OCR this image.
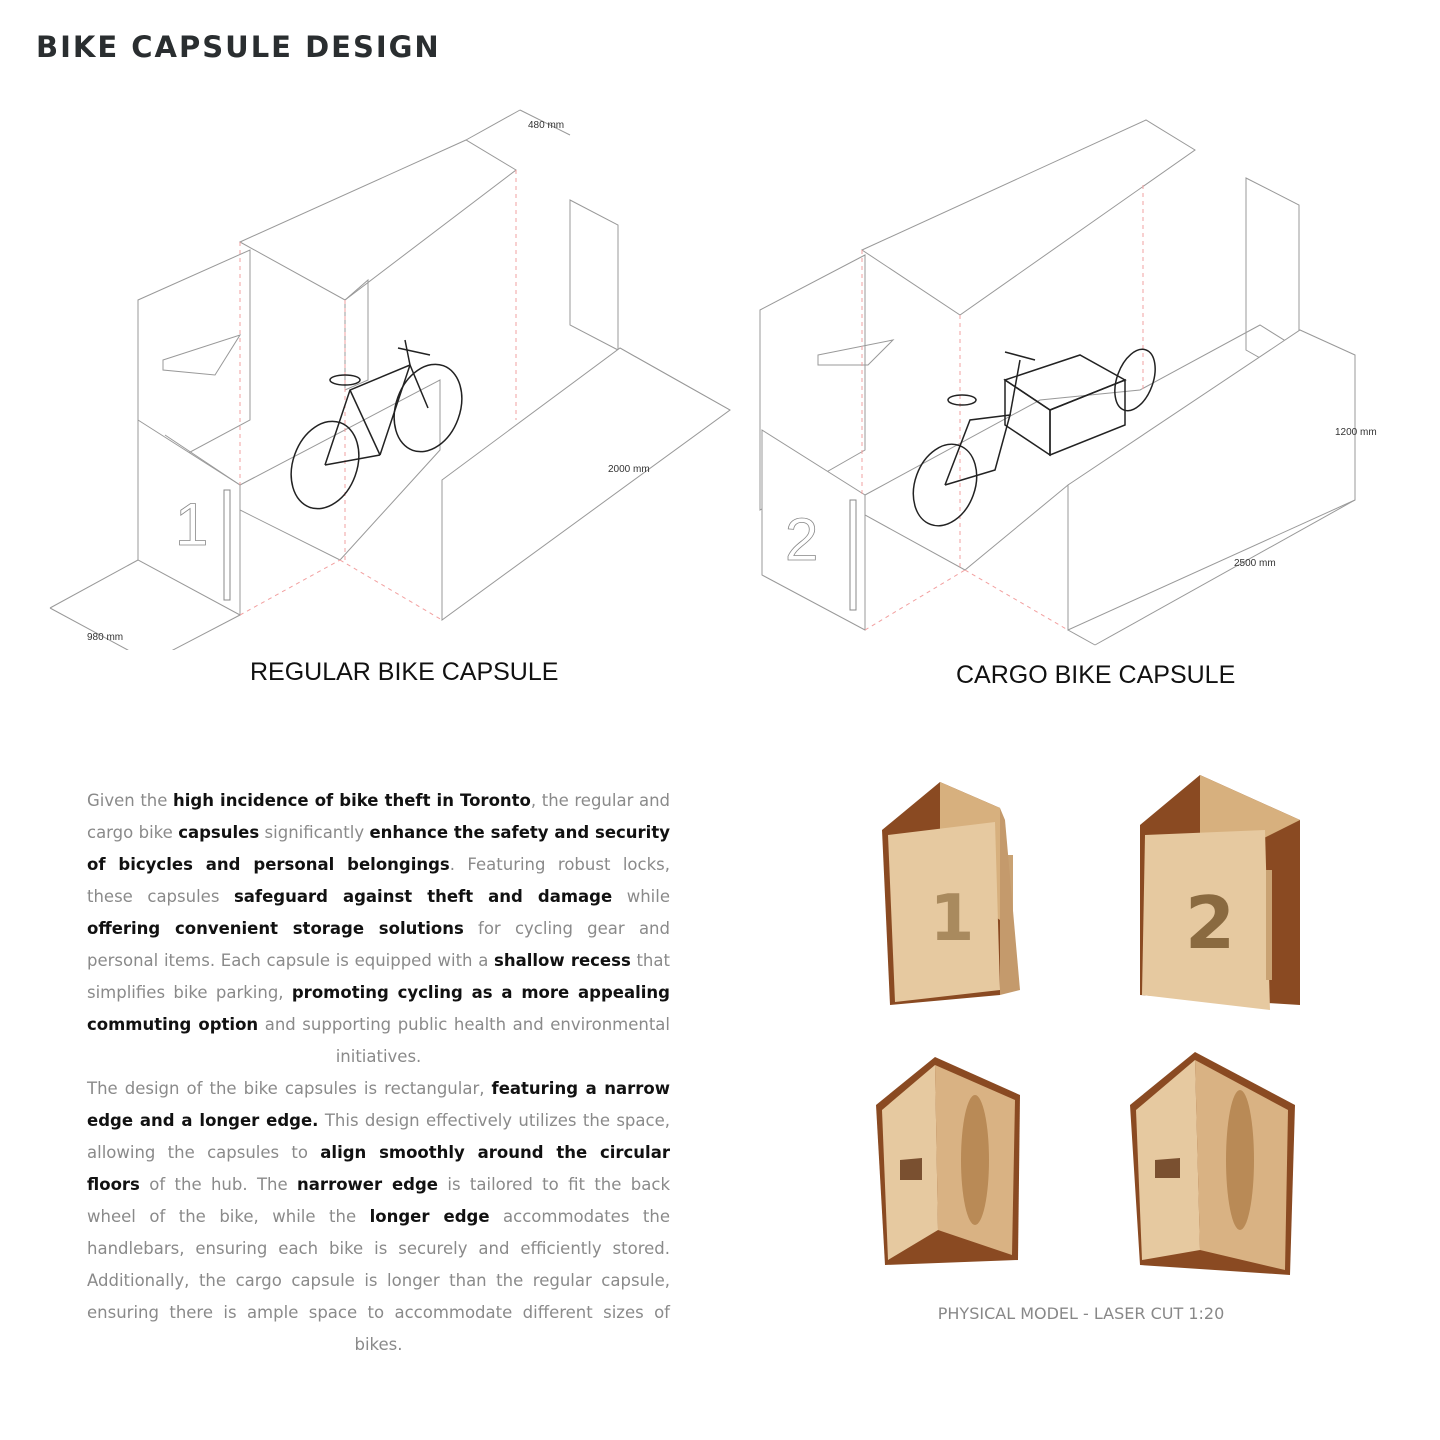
BIKE CAPSULE DESIGN
480 mm
2000 mm
980 mm
1
1200 mm
2500 mm
2
REGULAR BIKE CAPSULE	CARGO BIKE CAPSULE
Given the high incidence of bike theft in Toronto, the regular and cargo bike capsules significantly enhance the safety and security of bicycles and personal belongings. Featuring robust locks, these capsules safeguard against theft and damage while offering convenient storage solutions for cycling gear and personal items. Each capsule is equipped with a shallow recess that simplifies bike parking, promoting cycling as a more appealing commuting option and supporting public health and environmental initiatives.
The design of the bike capsules is rectangular, featuring a narrow edge and a longer edge. This design effectively utilizes the space, allowing the capsules to align smoothly around the circular floors of the hub. The narrower edge is tailored to fit the back wheel of the bike, while the longer edge accommodates the handlebars, ensuring each bike is securely and efficiently stored. Additionally, the cargo capsule is longer than the regular capsule, ensuring there is ample space to accommodate different sizes of bikes.
1	2
PHYSICAL MODEL - LASER CUT 1:20
